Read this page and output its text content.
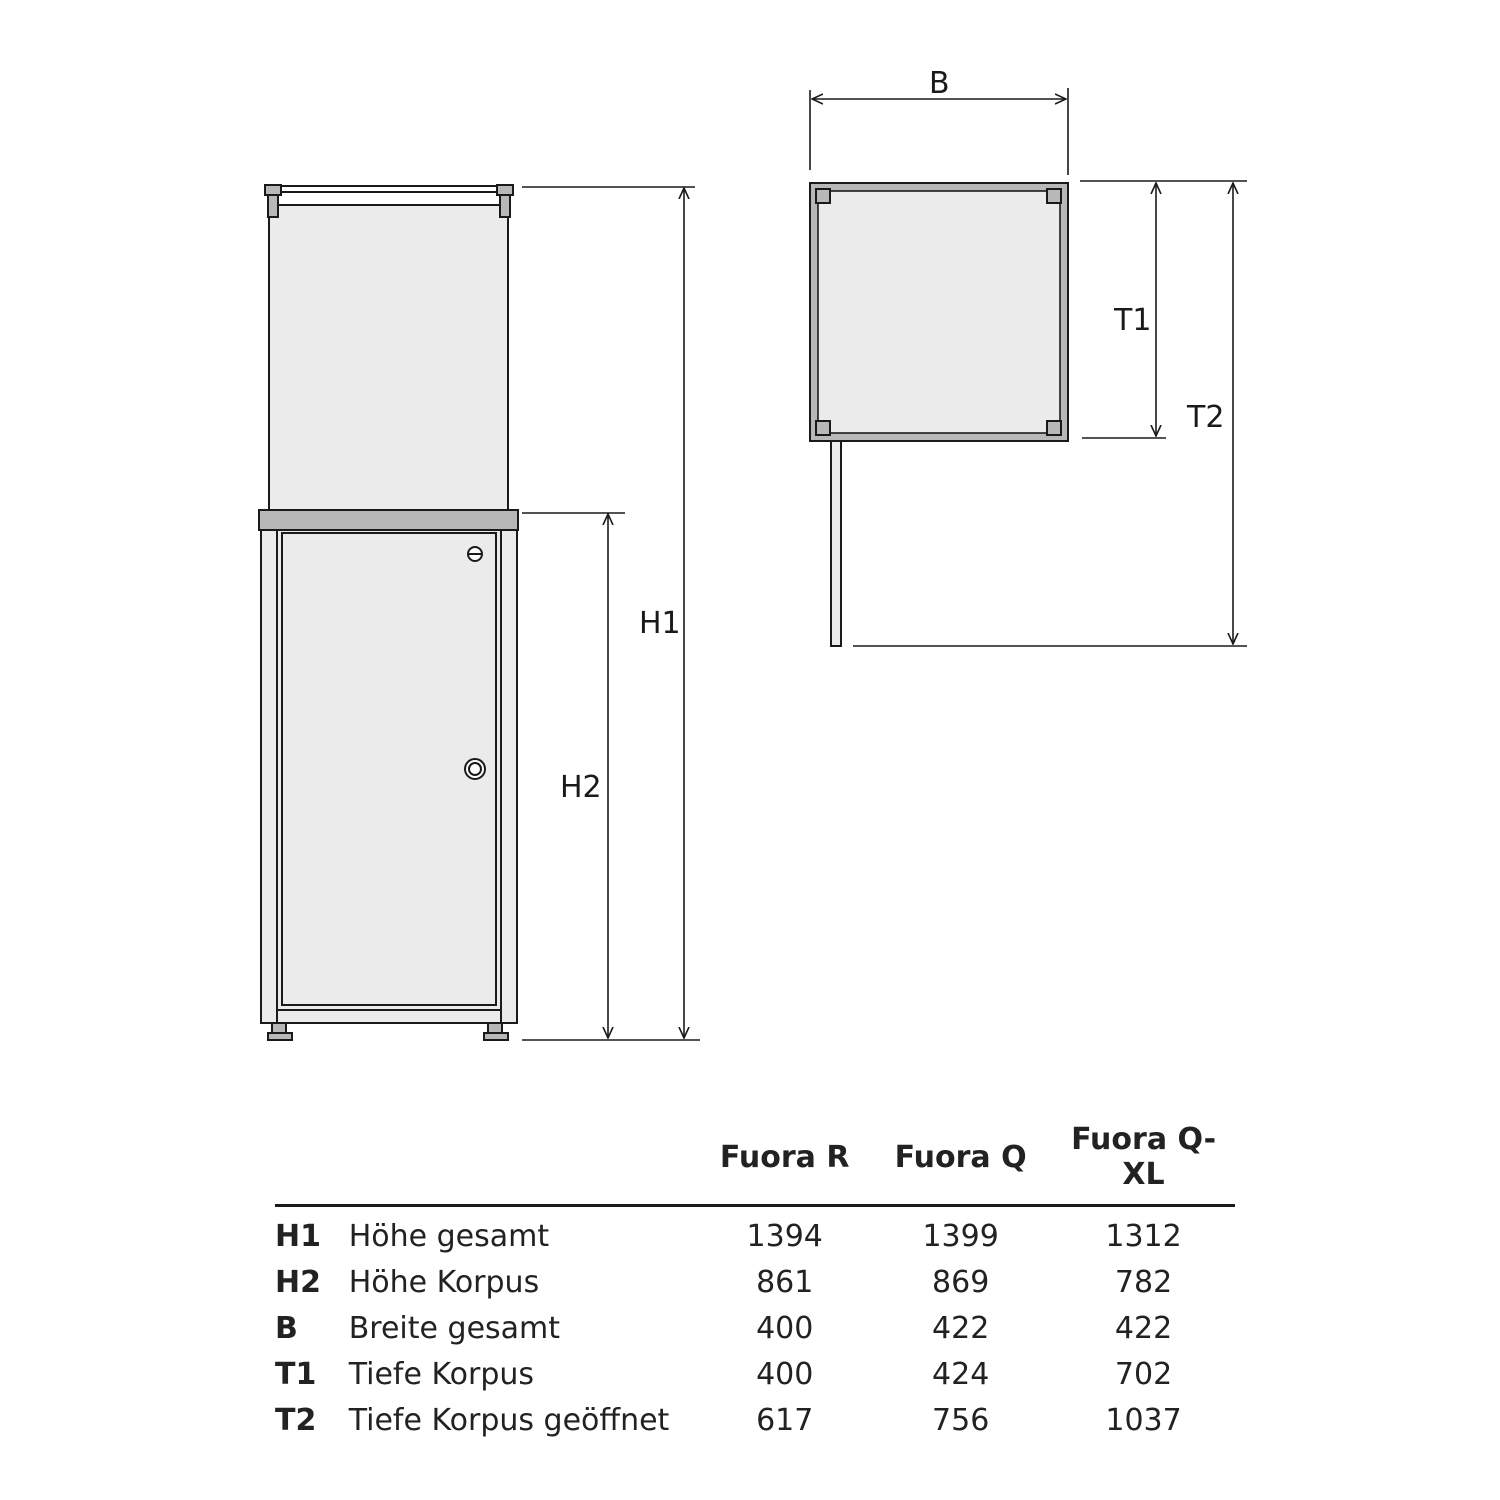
H1
H2
B
T1
T2
		Fuora R	Fuora Q	Fuora Q-XL
H1	Höhe gesamt	1394	1399	1312
H2	Höhe Korpus	861	869	782
B	Breite gesamt	400	422	422
T1	Tiefe Korpus	400	424	702
T2	Tiefe Korpus geöffnet	617	756	1037
